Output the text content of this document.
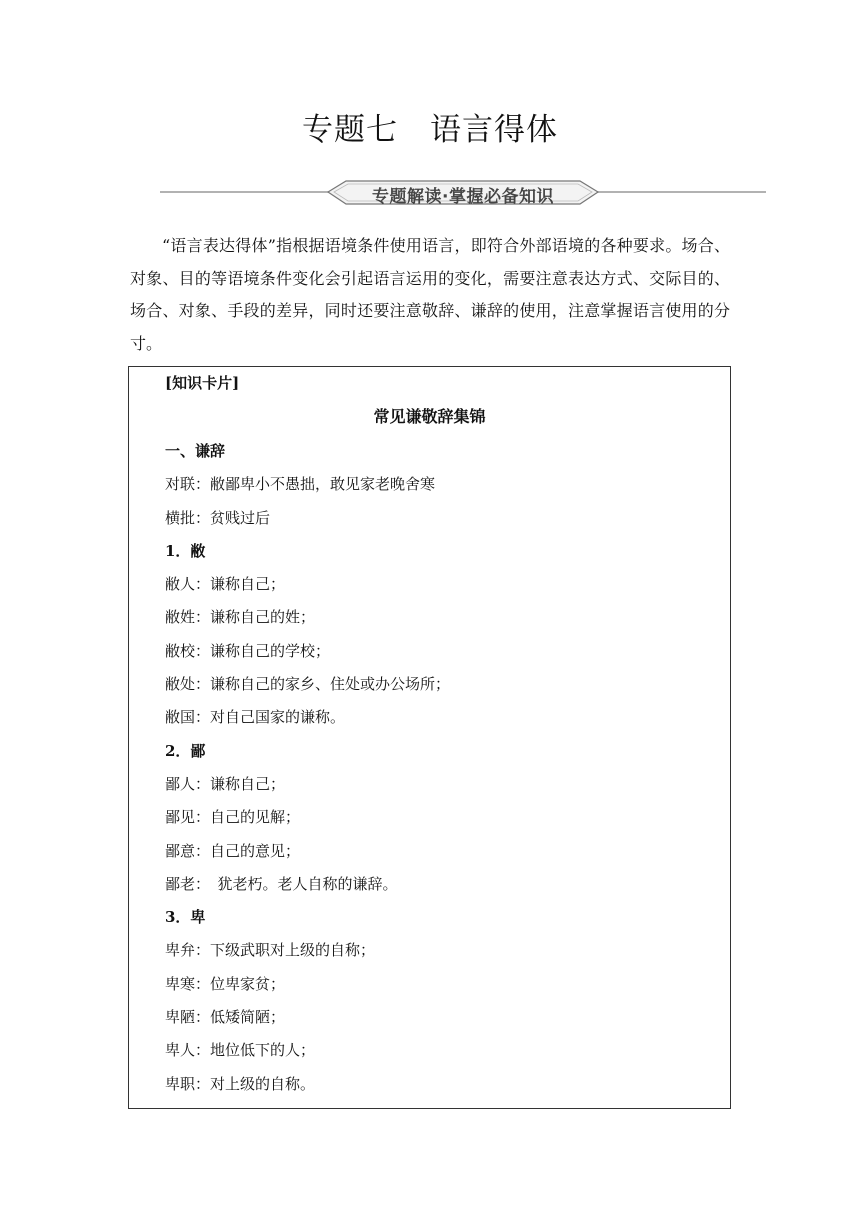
专题七 语言得体
专题解读·掌握必备知识

“语言表达得体”指根据语境条件使用语言，即符合外部语境的各种要求。场合、对象、目的等语境条件变化会引起语言运用的变化，需要注意表达方式、交际目的、场合、对象、手段的差异，同时还要注意敬辞、谦辞的使用，注意掌握语言使用的分寸。

[知识卡片]
常见谦敬辞集锦
一、谦辞
对联：敝鄙卑小不愚拙，敢见家老晚舍寒
横批：贫贱过后
1．敝
敝人：谦称自己；
敝姓：谦称自己的姓；
敝校：谦称自己的学校；
敝处：谦称自己的家乡、住处或办公场所；
敝国：对自己国家的谦称。
2．鄙
鄙人：谦称自己；
鄙见：自己的见解；
鄙意：自己的意见；
鄙老：　犹老朽。老人自称的谦辞。
3．卑
卑弁：下级武职对上级的自称；
卑寒：位卑家贫；
卑陋：低矮简陋；
卑人：地位低下的人；
卑职：对上级的自称。
